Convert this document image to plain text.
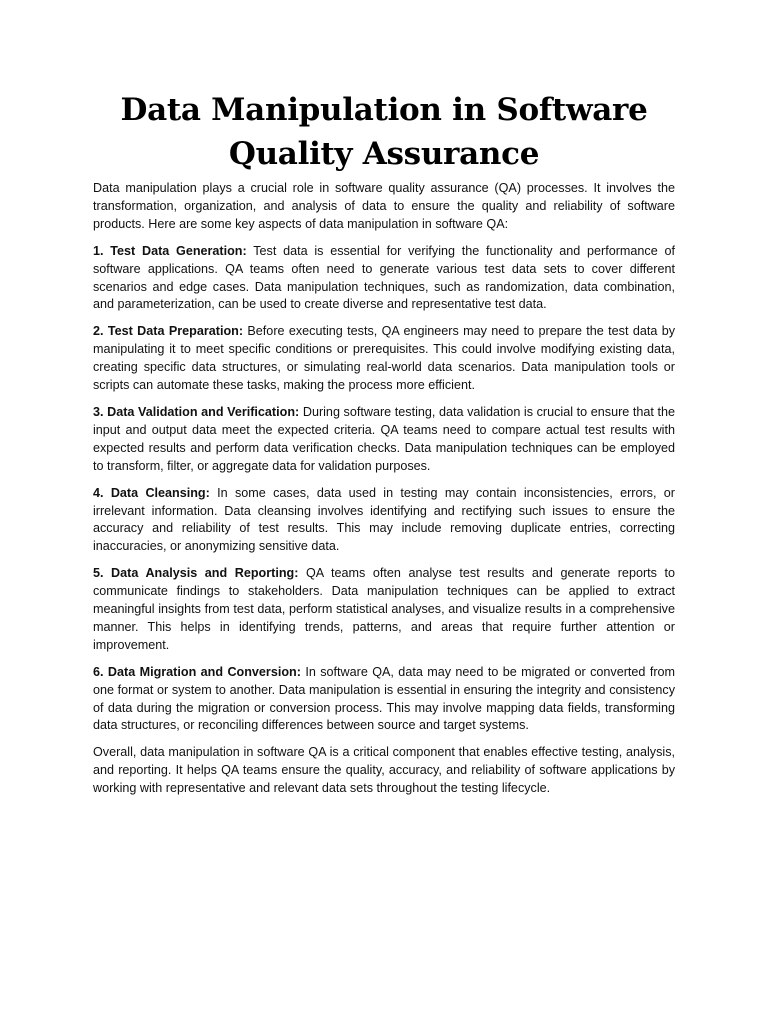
Data Manipulation in Software Quality Assurance

Data manipulation plays a crucial role in software quality assurance (QA) processes. It involves the transformation, organization, and analysis of data to ensure the quality and reliability of software products. Here are some key aspects of data manipulation in software QA:

1. Test Data Generation: Test data is essential for verifying the functionality and performance of software applications. QA teams often need to generate various test data sets to cover different scenarios and edge cases. Data manipulation techniques, such as randomization, data combination, and parameterization, can be used to create diverse and representative test data.

2. Test Data Preparation: Before executing tests, QA engineers may need to prepare the test data by manipulating it to meet specific conditions or prerequisites. This could involve modifying existing data, creating specific data structures, or simulating real-world data scenarios. Data manipulation tools or scripts can automate these tasks, making the process more efficient.

3. Data Validation and Verification: During software testing, data validation is crucial to ensure that the input and output data meet the expected criteria. QA teams need to compare actual test results with expected results and perform data verification checks. Data manipulation techniques can be employed to transform, filter, or aggregate data for validation purposes.

4. Data Cleansing: In some cases, data used in testing may contain inconsistencies, errors, or irrelevant information. Data cleansing involves identifying and rectifying such issues to ensure the accuracy and reliability of test results. This may include removing duplicate entries, correcting inaccuracies, or anonymizing sensitive data.

5. Data Analysis and Reporting: QA teams often analyse test results and generate reports to communicate findings to stakeholders. Data manipulation techniques can be applied to extract meaningful insights from test data, perform statistical analyses, and visualize results in a comprehensive manner. This helps in identifying trends, patterns, and areas that require further attention or improvement.

6. Data Migration and Conversion: In software QA, data may need to be migrated or converted from one format or system to another. Data manipulation is essential in ensuring the integrity and consistency of data during the migration or conversion process. This may involve mapping data fields, transforming data structures, or reconciling differences between source and target systems.

Overall, data manipulation in software QA is a critical component that enables effective testing, analysis, and reporting. It helps QA teams ensure the quality, accuracy, and reliability of software applications by working with representative and relevant data sets throughout the testing lifecycle.
